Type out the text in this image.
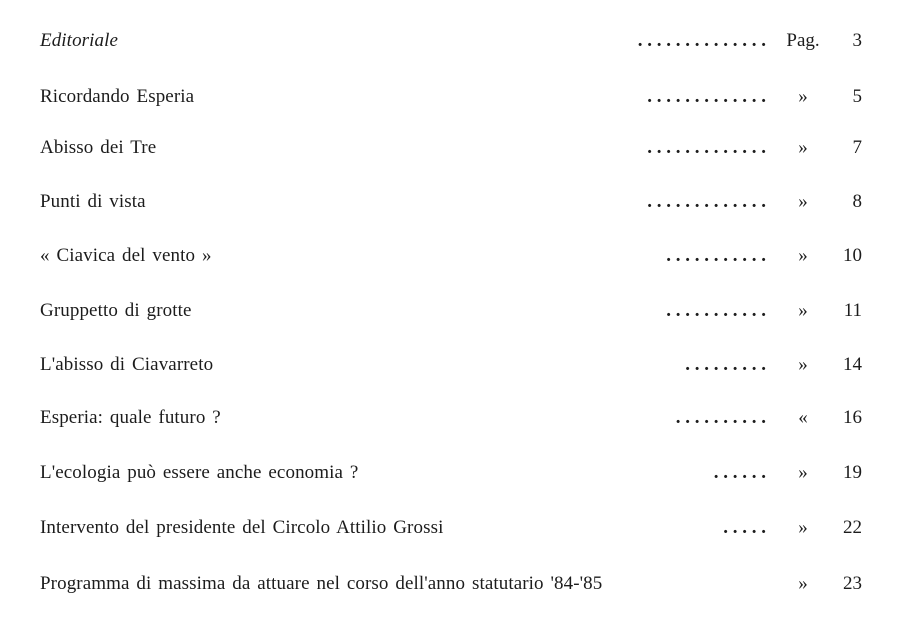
Editoriale	. . . . . . . . . . . . . . Pag.	3
Ricordando Esperia	. . . . . . . . . . . . .	»	5
Abisso dei Tre	. . . . . . . . . . . . .	»	7
Punti di vista	. . . . . . . . . . . . .	»	8
« Ciavica del vento »	. . . . . . . . . . .	»	10
Gruppetto di grotte	. . . . . . . . . . .	»	11
L'abisso di Ciavarreto	. . . . . . . . .	»	14
Esperia: quale futuro ?	. . . . . . . . . .	«	16
L'ecologia può essere anche economia ?	. . . . . .	»	19
Intervento del presidente del Circolo Attilio Grossi	. . . . .	»	22
Programma di massima da attuare nel corso dell'anno statutario '84-'85	»	23
